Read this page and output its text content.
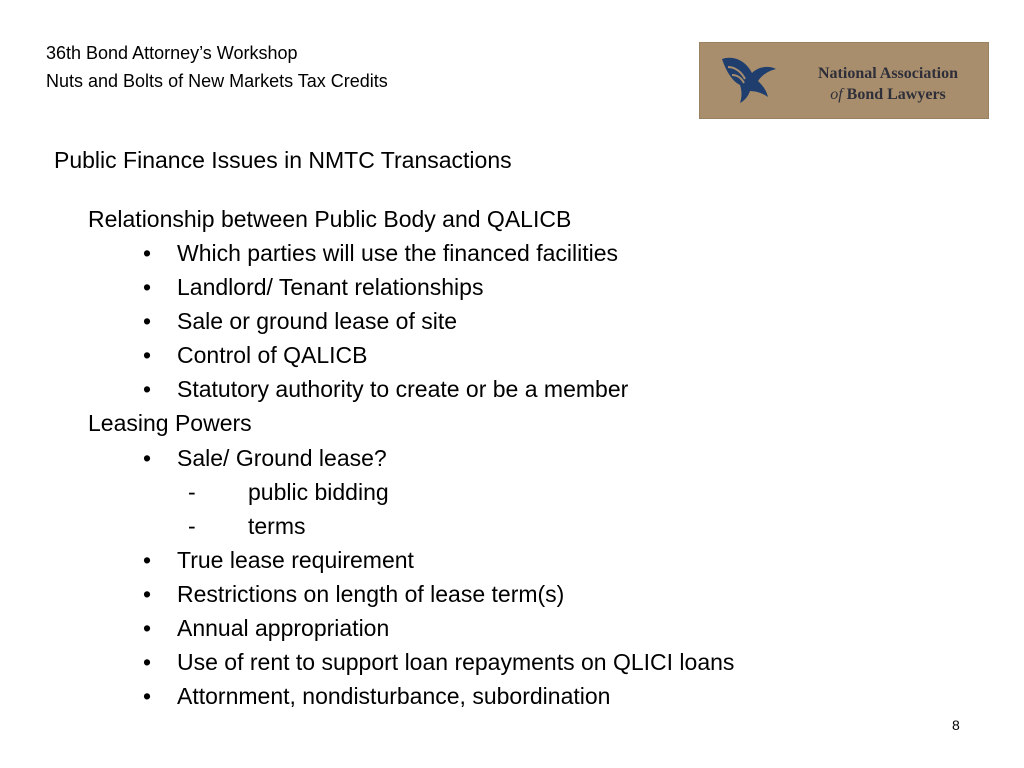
36th Bond Attorney’s Workshop
Nuts and Bolts of New Markets Tax Credits	National Association
of Bond Lawyers
Public Finance Issues in NMTC Transactions
Relationship between Public Body and QALICB
• Which parties will use the financed facilities
• Landlord/ Tenant relationships
• Sale or ground lease of site
• Control of QALICB
• Statutory authority to create or be a member
Leasing Powers
• Sale/ Ground lease?
- public bidding
- terms
• True lease requirement
• Restrictions on length of lease term(s)
• Annual appropriation
• Use of rent to support loan repayments on QLICI loans
• Attornment, nondisturbance, subordination
8
